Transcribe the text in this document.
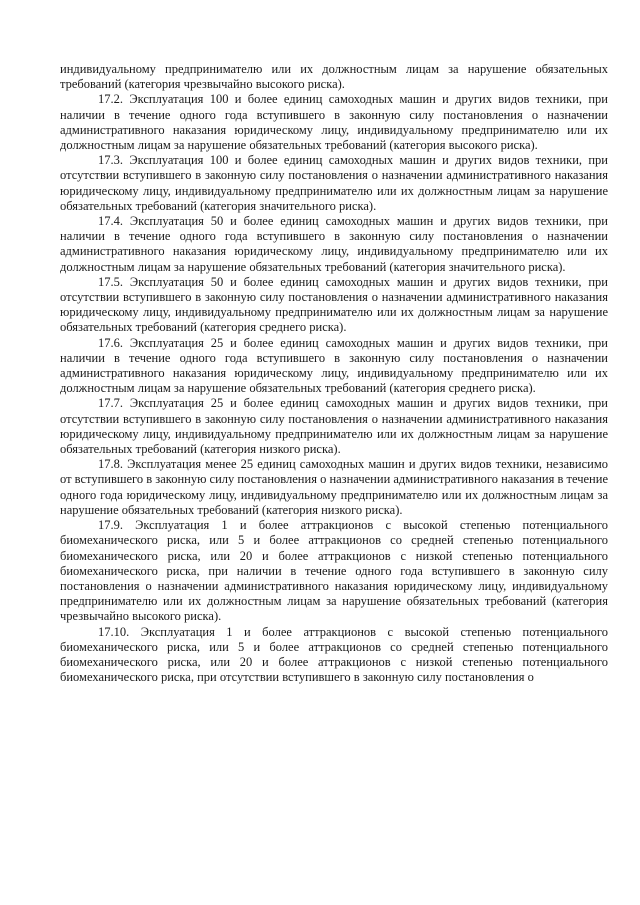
индивидуальному предпринимателю или их должностным лицам за нарушение обязательных требований (категория чрезвычайно высокого риска).

17.2. Эксплуатация 100 и более единиц самоходных машин и других видов техники, при наличии в течение одного года вступившего в законную силу постановления о назначении административного наказания юридическому лицу, индивидуальному предпринимателю или их должностным лицам за нарушение обязательных требований (категория высокого риска).

17.3. Эксплуатация 100 и более единиц самоходных машин и других видов техники, при отсутствии вступившего в законную силу постановления о назначении административного наказания юридическому лицу, индивидуальному предпринимателю или их должностным лицам за нарушение обязательных требований (категория значительного риска).

17.4. Эксплуатация 50 и более единиц самоходных машин и других видов техники, при наличии в течение одного года вступившего в законную силу постановления о назначении административного наказания юридическому лицу, индивидуальному предпринимателю или их должностным лицам за нарушение обязательных требований (категория значительного риска).

17.5. Эксплуатация 50 и более единиц самоходных машин и других видов техники, при отсутствии вступившего в законную силу постановления о назначении административного наказания юридическому лицу, индивидуальному предпринимателю или их должностным лицам за нарушение обязательных требований (категория среднего риска).

17.6. Эксплуатация 25 и более единиц самоходных машин и других видов техники, при наличии в течение одного года вступившего в законную силу постановления о назначении административного наказания юридическому лицу, индивидуальному предпринимателю или их должностным лицам за нарушение обязательных требований (категория среднего риска).

17.7. Эксплуатация 25 и более единиц самоходных машин и других видов техники, при отсутствии вступившего в законную силу постановления о назначении административного наказания юридическому лицу, индивидуальному предпринимателю или их должностным лицам за нарушение обязательных требований (категория низкого риска).

17.8. Эксплуатация менее 25 единиц самоходных машин и других видов техники, независимо от вступившего в законную силу постановления о назначении административного наказания в течение одного года юридическому лицу, индивидуальному предпринимателю или их должностным лицам за нарушение обязательных требований (категория низкого риска).

17.9. Эксплуатация 1 и более аттракционов с высокой степенью потенциального биомеханического риска, или 5 и более аттракционов со средней степенью потенциального биомеханического риска, или 20 и более аттракционов с низкой степенью потенциального биомеханического риска, при наличии в течение одного года вступившего в законную силу постановления о назначении административного наказания юридическому лицу, индивидуальному предпринимателю или их должностным лицам за нарушение обязательных требований (категория чрезвычайно высокого риска).

17.10. Эксплуатация 1 и более аттракционов с высокой степенью потенциального биомеханического риска, или 5 и более аттракционов со средней степенью потенциального биомеханического риска, или 20 и более аттракционов с низкой степенью потенциального биомеханического риска, при отсутствии вступившего в законную силу постановления о
